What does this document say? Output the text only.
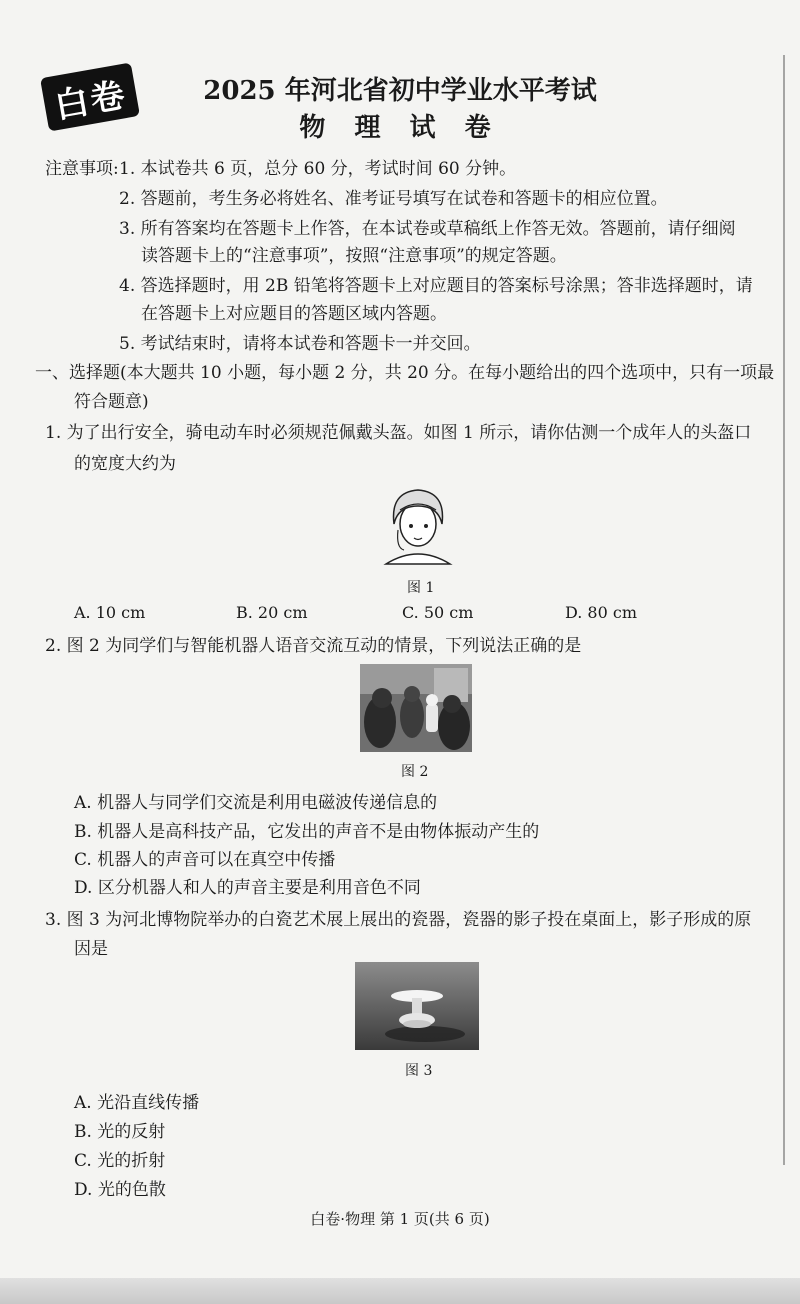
白卷	2025 年河北省初中学业水平考试
物 理 试 卷
注意事项: 1. 本试卷共 6 页，总分 60 分，考试时间 60 分钟。
2. 答题前，考生务必将姓名、准考证号填写在试卷和答题卡的相应位置。
3. 所有答案均在答题卡上作答，在本试卷或草稿纸上作答无效。答题前，请仔细阅
读答题卡上的“注意事项”，按照“注意事项”的规定答题。
4. 答选择题时，用 2B 铅笔将答题卡上对应题目的答案标号涂黑；答非选择题时，请
在答题卡上对应题目的答题区域内答题。
5. 考试结束时，请将本试卷和答题卡一并交回。
一、选择题(本大题共 10 小题，每小题 2 分，共 20 分。在每小题给出的四个选项中，只有一项最
符合题意)
1. 为了出行安全，骑电动车时必须规范佩戴头盔。如图 1 所示，请你估测一个成年人的头盔口
的宽度大约为
图 1
A. 10 cm	B. 20 cm	C. 50 cm	D. 80 cm
2. 图 2 为同学们与智能机器人语音交流互动的情景，下列说法正确的是
图 2
A. 机器人与同学们交流是利用电磁波传递信息的
B. 机器人是高科技产品，它发出的声音不是由物体振动产生的
C. 机器人的声音可以在真空中传播
D. 区分机器人和人的声音主要是利用音色不同
3. 图 3 为河北博物院举办的白瓷艺术展上展出的瓷器，瓷器的影子投在桌面上，影子形成的原
因是
图 3
A. 光沿直线传播
B. 光的反射
C. 光的折射
D. 光的色散
白卷·物理 第 1 页(共 6 页)
